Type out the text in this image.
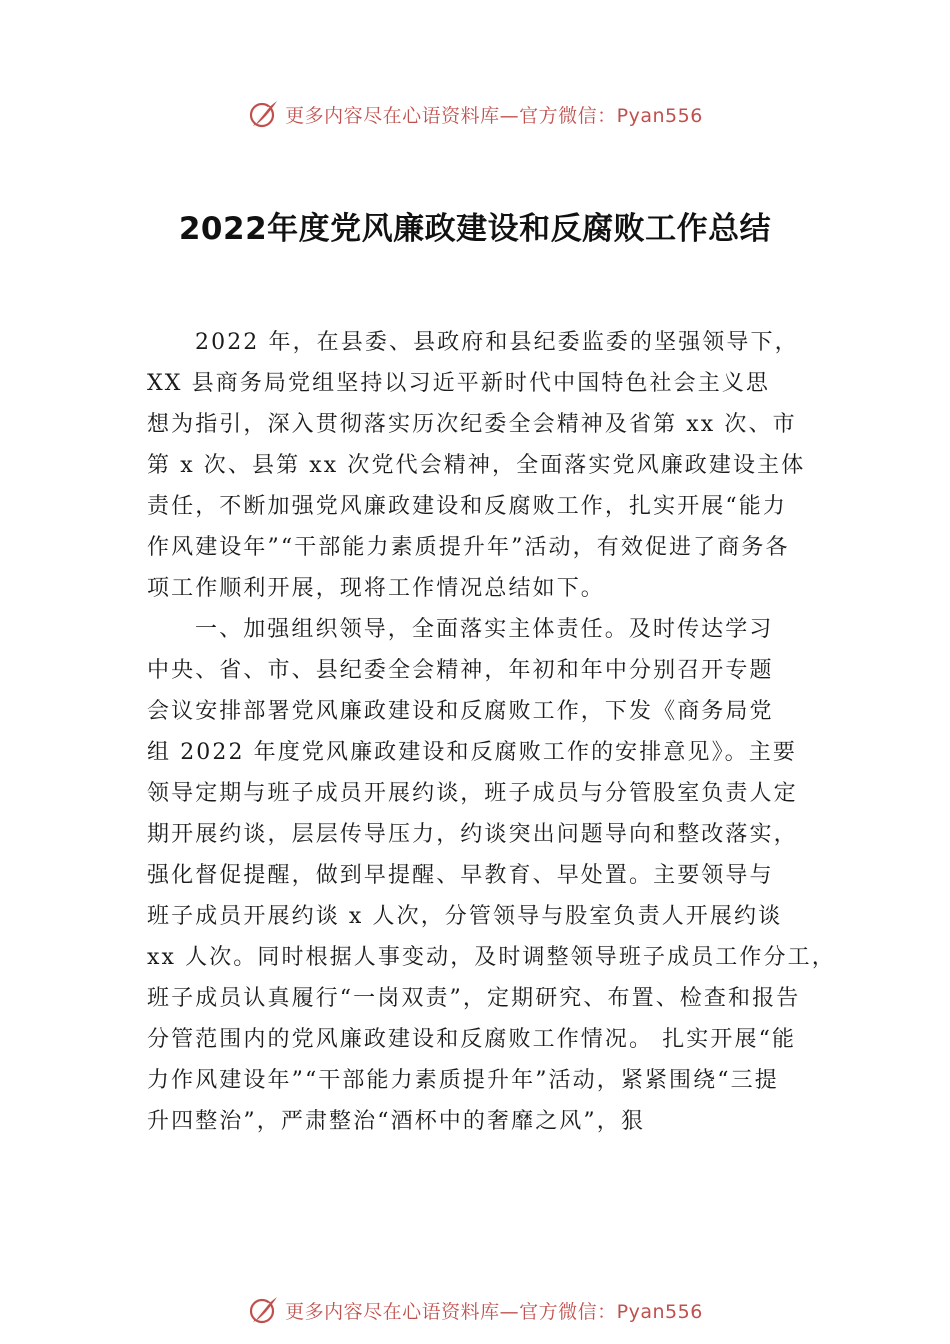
更多内容尽在心语资料库—官方微信：Pyan556
2022年度党风廉政建设和反腐败工作总结
2022 年，在县委、县政府和县纪委监委的坚强领导下，
XX 县商务局党组坚持以习近平新时代中国特色社会主义思
想为指引，深入贯彻落实历次纪委全会精神及省第 xx 次、市
第 x 次、县第 xx 次党代会精神，全面落实党风廉政建设主体
责任，不断加强党风廉政建设和反腐败工作，扎实开展“能力
作风建设年”“干部能力素质提升年”活动，有效促进了商务各
项工作顺利开展，现将工作情况总结如下。
一、加强组织领导，全面落实主体责任。及时传达学习
中央、省、市、县纪委全会精神，年初和年中分别召开专题
会议安排部署党风廉政建设和反腐败工作，下发《商务局党
组 2022 年度党风廉政建设和反腐败工作的安排意见》。主要
领导定期与班子成员开展约谈，班子成员与分管股室负责人定
期开展约谈，层层传导压力，约谈突出问题导向和整改落实，
强化督促提醒，做到早提醒、早教育、早处置。主要领导与
班子成员开展约谈 x 人次，分管领导与股室负责人开展约谈
xx 人次。同时根据人事变动，及时调整领导班子成员工作分工，
班子成员认真履行“一岗双责”，定期研究、布置、检查和报告
分管范围内的党风廉政建设和反腐败工作情况。 扎实开展“能
力作风建设年”“干部能力素质提升年”活动，紧紧围绕“三提
升四整治”，严肃整治“酒杯中的奢靡之风”，狠
更多内容尽在心语资料库—官方微信：Pyan556
